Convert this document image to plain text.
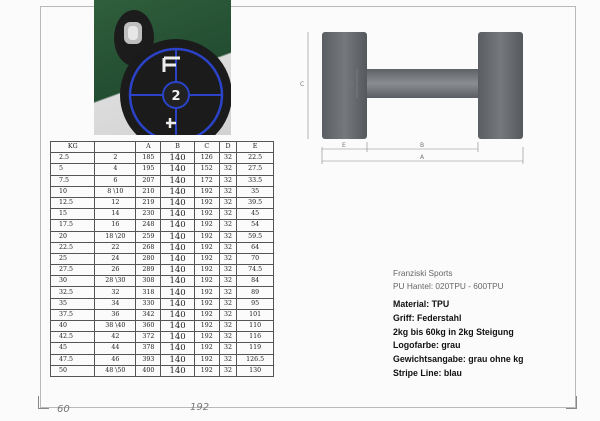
2
KG		A	B	C	D	E
2.5	2	185	140	126	32	22.5
5	4	195	140	152	32	27.5
7.5	6	207	140	172	32	33.5
10	8 \10	210	140	192	32	35
12.5	12	219	140	192	32	39.5
15	14	230	140	192	32	45
17.5	16	248	140	192	32	54
20	18 \20	259	140	192	32	59.5
22.5	22	268	140	192	32	64
25	24	280	140	192	32	70
27.5	26	289	140	192	32	74.5
30	28 \30	308	140	192	32	84
32.5	32	318	140	192	32	89
35	34	330	140	192	32	95
37.5	36	342	140	192	32	101
40	38 \40	360	140	192	32	110
42.5	42	372	140	192	32	116
45	44	378	140	192	32	119
47.5	46	393	140	192	32	126.5
50	48 \50	400	140	192	32	130
C	D
E	B
A
Franziski Sports
PU Hantel: 020TPU - 600TPU
Material: TPU
Griff: Federstahl
2kg bis 60kg in 2kg Steigung
Logofarbe: grau
Gewichtsangabe: grau ohne kg
Stripe Line: blau
60	192
